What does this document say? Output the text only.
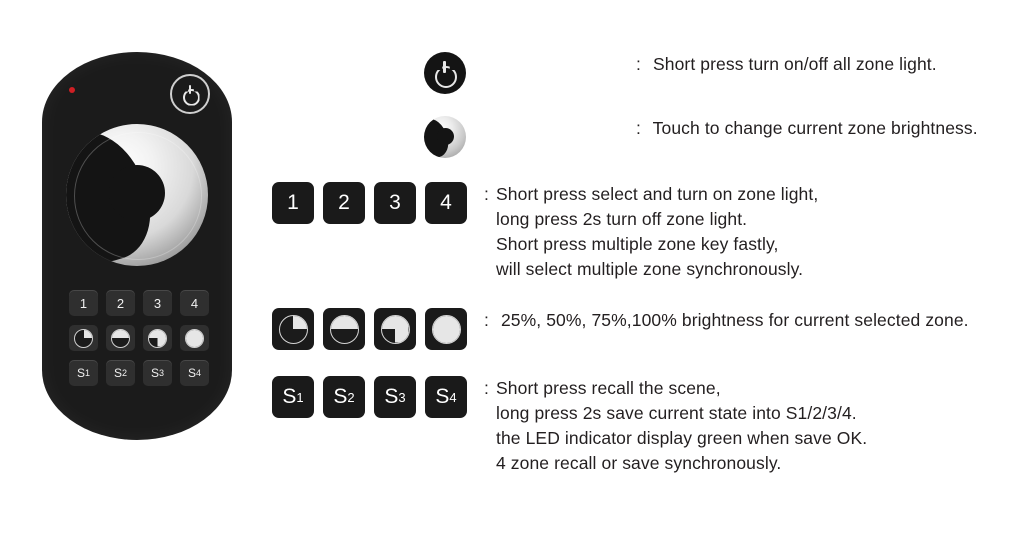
1	2	3	4
S 1	S 2	S 3	S 4
: Short press turn on/off all zone light.
: Touch to change current zone brightness.
1	2	3	4	: Short press select and turn on zone light,
long press 2s turn off zone light.
Short press multiple zone key fastly,
will select multiple zone synchronously.
: 25%, 50%, 75%,100% brightness for current selected zone.
S 1	S 2	S 3	S 4 : Short press recall the scene,
long press 2s save current state into S1/2/3/4.
the LED indicator display green when save OK.
4 zone recall or save synchronously.
